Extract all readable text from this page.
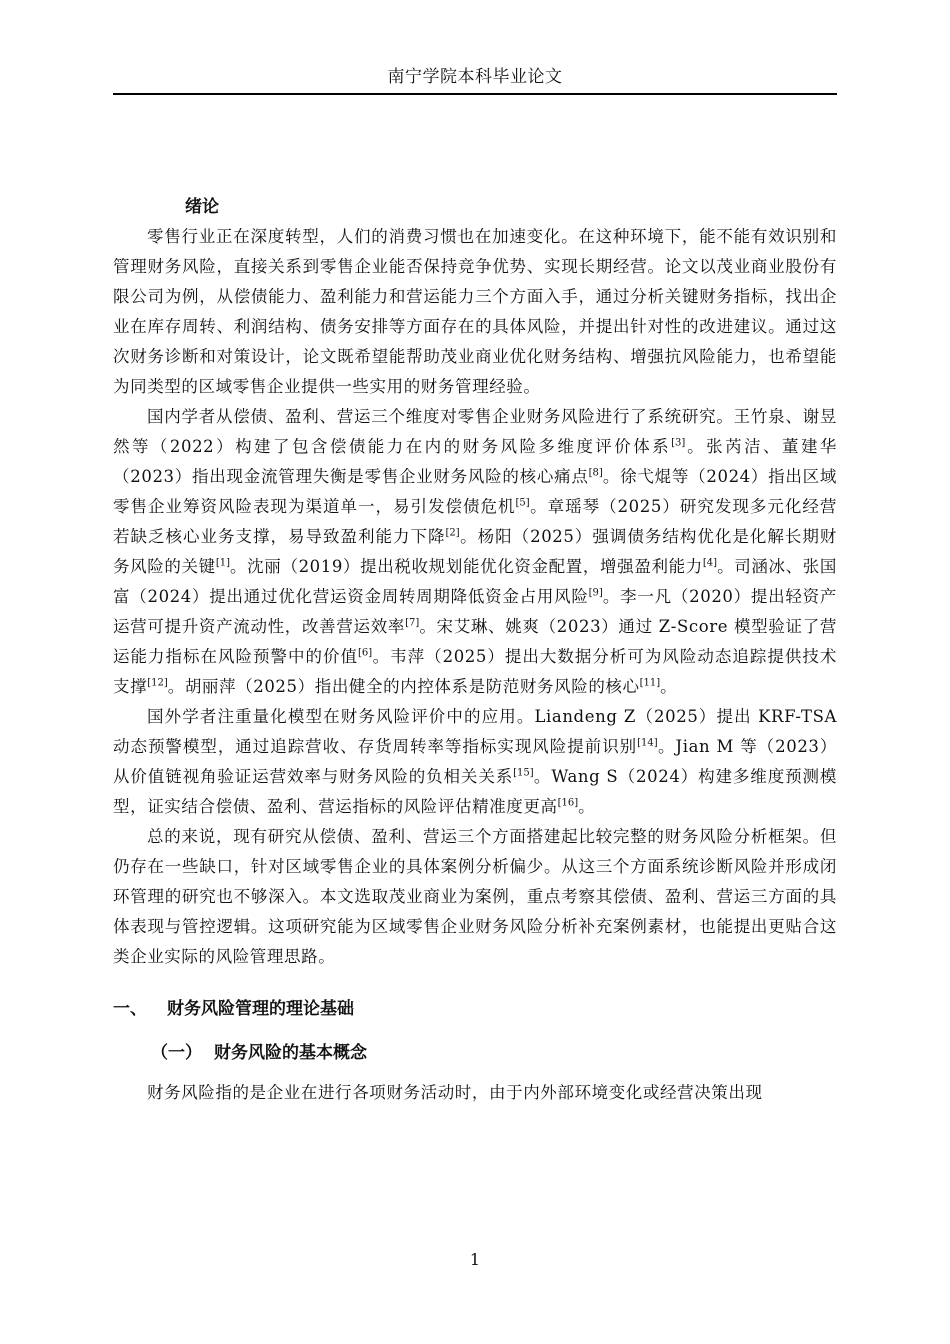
南宁学院本科毕业论文
绪论

零售行业正在深度转型，人们的消费习惯也在加速变化。在这种环境下，能不能有效识别和管理财务风险，直接关系到零售企业能否保持竞争优势、实现长期经营。论文以茂业商业股份有限公司为例，从偿债能力、盈利能力和营运能力三个方面入手，通过分析关键财务指标，找出企业在库存周转、利润结构、债务安排等方面存在的具体风险，并提出针对性的改进建议。通过这次财务诊断和对策设计，论文既希望能帮助茂业商业优化财务结构、增强抗风险能力，也希望能为同类型的区域零售企业提供一些实用的财务管理经验。

国内学者从偿债、盈利、营运三个维度对零售企业财务风险进行了系统研究。王竹泉、谢昱然等（2022）构建了包含偿债能力在内的财务风险多维度评价体系[3]。张芮洁、董建华（2023）指出现金流管理失衡是零售企业财务风险的核心痛点[8]。徐弋焜等（2024）指出区域零售企业筹资风险表现为渠道单一，易引发偿债危机[5]。章瑶琴（2025）研究发现多元化经营若缺乏核心业务支撑，易导致盈利能力下降[2]。杨阳（2025）强调债务结构优化是化解长期财务风险的关键[1]。沈丽（2019）提出税收规划能优化资金配置，增强盈利能力[4]。司涵冰、张国富（2024）提出通过优化营运资金周转周期降低资金占用风险[9]。李一凡（2020）提出轻资产运营可提升资产流动性，改善营运效率[7]。宋艾琳、姚爽（2023）通过 Z-Score 模型验证了营运能力指标在风险预警中的价值[6]。韦萍（2025）提出大数据分析可为风险动态追踪提供技术支撑[12]。胡丽萍（2025）指出健全的内控体系是防范财务风险的核心[11]。

国外学者注重量化模型在财务风险评价中的应用。Liandeng Z（2025）提出 KRF-TSA 动态预警模型，通过追踪营收、存货周转率等指标实现风险提前识别[14]。Jian M 等（2023）从价值链视角验证运营效率与财务风险的负相关关系[15]。Wang S（2024）构建多维度预测模型，证实结合偿债、盈利、营运指标的风险评估精准度更高[16]。

总的来说，现有研究从偿债、盈利、营运三个方面搭建起比较完整的财务风险分析框架。但仍存在一些缺口，针对区域零售企业的具体案例分析偏少。从这三个方面系统诊断风险并形成闭环管理的研究也不够深入。本文选取茂业商业为案例，重点考察其偿债、盈利、营运三方面的具体表现与管控逻辑。这项研究能为区域零售企业财务风险分析补充案例素材，也能提出更贴合这类企业实际的风险管理思路。

一、 财务风险管理的理论基础
（一） 财务风险的基本概念

财务风险指的是企业在进行各项财务活动时，由于内外部环境变化或经营决策出现

1
